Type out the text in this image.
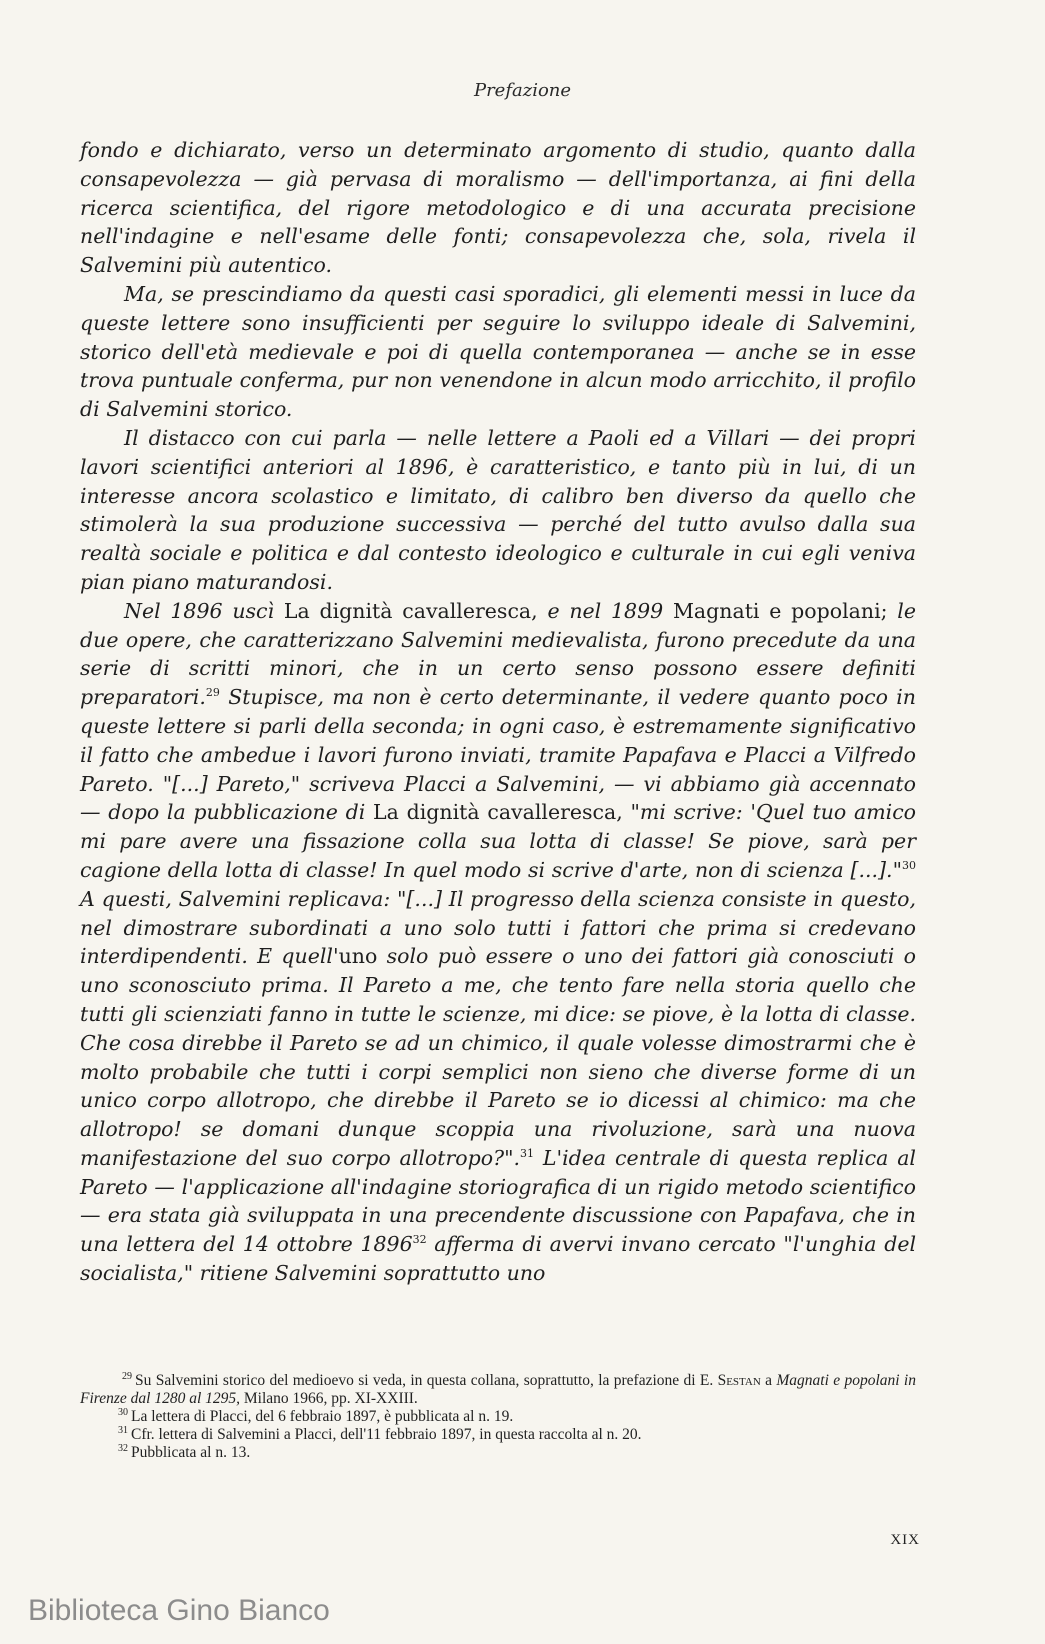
Prefazione

fondo e dichiarato, verso un determinato argomento di studio, quanto dalla consapevolezza — già pervasa di moralismo — dell'importanza, ai fini della ricerca scientifica, del rigore metodologico e di una accurata precisione nell'indagine e nell'esame delle fonti; consapevolezza che, sola, rivela il Salvemini più autentico.

Ma, se prescindiamo da questi casi sporadici, gli elementi messi in luce da queste lettere sono insufficienti per seguire lo sviluppo ideale di Salvemini, storico dell'età medievale e poi di quella contemporanea — anche se in esse trova puntuale conferma, pur non venendone in alcun modo arricchito, il profilo di Salvemini storico.

Il distacco con cui parla — nelle lettere a Paoli ed a Villari — dei propri lavori scientifici anteriori al 1896, è caratteristico, e tanto più in lui, di un interesse ancora scolastico e limitato, di calibro ben diverso da quello che stimolerà la sua produzione successiva — perché del tutto avulso dalla sua realtà sociale e politica e dal contesto ideologico e culturale in cui egli veniva pian piano maturandosi.

Nel 1896 uscì La dignità cavalleresca, e nel 1899 Magnati e popolani; le due opere, che caratterizzano Salvemini medievalista, furono precedute da una serie di scritti minori, che in un certo senso possono essere definiti preparatori.$^{29}$ Stupisce, ma non è certo determinante, il vedere quanto poco in queste lettere si parli della seconda; in ogni caso, è estremamente significativo il fatto che ambedue i lavori furono inviati, tramite Papafava e Placci a Vilfredo Pareto. "[...] Pareto," scriveva Placci a Salvemini, — vi abbiamo già accennato — dopo la pubblicazione di La dignità cavalleresca, "mi scrive: 'Quel tuo amico mi pare avere una fissazione colla sua lotta di classe! Se piove, sarà per cagione della lotta di classe! In quel modo si scrive d'arte, non di scienza [...]."$^{30}$ A questi, Salvemini replicava: "[...] Il progresso della scienza consiste in questo, nel dimostrare subordinati a uno solo tutti i fattori che prima si credevano interdipendenti. E quell'uno solo può essere o uno dei fattori già conosciuti o uno sconosciuto prima. Il Pareto a me, che tento fare nella storia quello che tutti gli scienziati fanno in tutte le scienze, mi dice: se piove, è la lotta di classe. Che cosa direbbe il Pareto se ad un chimico, il quale volesse dimostrarmi che è molto probabile che tutti i corpi semplici non sieno che diverse forme di un unico corpo allotropo, che direbbe il Pareto se io dicessi al chimico: ma che allotropo! se domani dunque scoppia una rivoluzione, sarà una nuova manifestazione del suo corpo allotropo?".$^{31}$ L'idea centrale di questa replica al Pareto — l'applicazione all'indagine storiografica di un rigido metodo scientifico — era stata già sviluppata in una precendente discussione con Papafava, che in una lettera del 14 ottobre 1896$^{32}$ afferma di avervi invano cercato "l'unghia del socialista," ritiene Salvemini soprattutto uno

$^{29}$ Su Salvemini storico del medioevo si veda, in questa collana, soprattutto, la prefazione di E. Sestan a Magnati e popolani in Firenze dal 1280 al 1295, Milano 1966, pp. XI-XXIII.

$^{30}$ La lettera di Placci, del 6 febbraio 1897, è pubblicata al n. 19.

$^{31}$ Cfr. lettera di Salvemini a Placci, dell'11 febbraio 1897, in questa raccolta al n. 20.

$^{32}$ Pubblicata al n. 13.

XIX
Biblioteca Gino Bianco
